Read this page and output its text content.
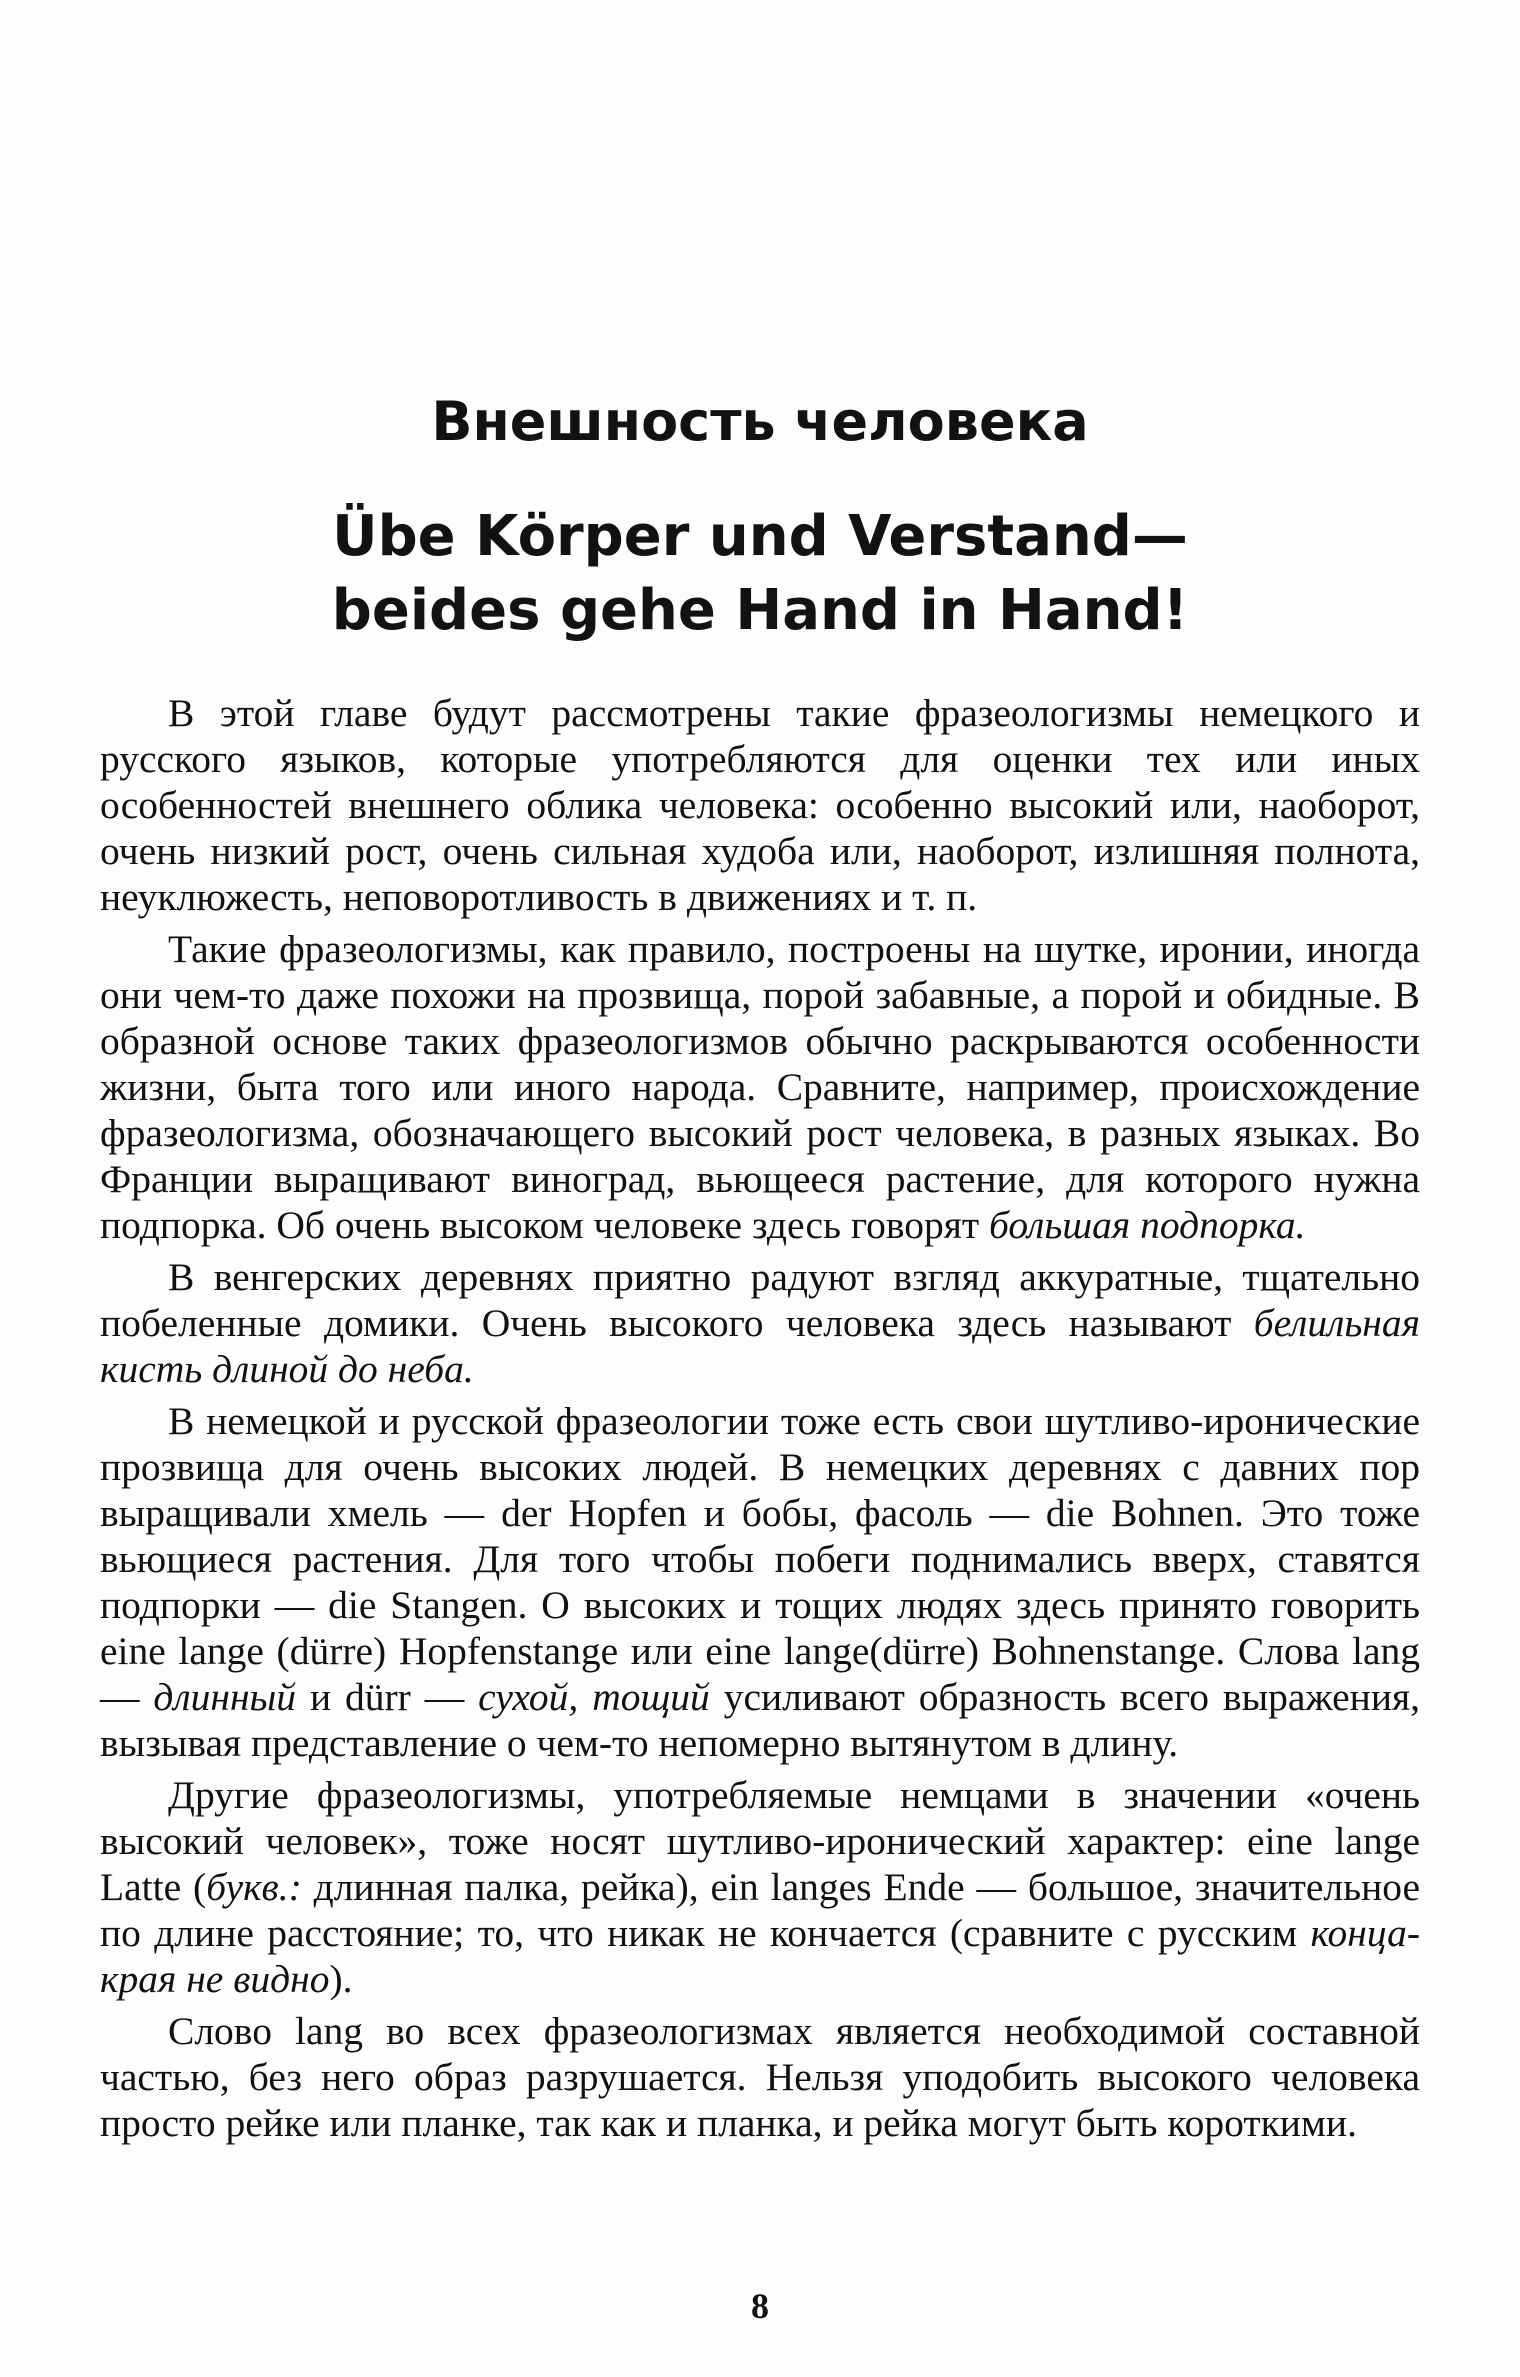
Внешность человека
Übe Körper und Verstand—
beides gehe Hand in Hand!

В этой главе будут рассмотрены такие фразеологизмы немецкого и русского языков, которые употребляются для оценки тех или иных особенностей внешнего облика человека: особенно высокий или, наоборот, очень низкий рост, очень сильная худоба или, наоборот, излишняя полнота, неуклюжесть, неповоротливость в движениях и т. п.

Такие фразеологизмы, как правило, построены на шутке, иронии, иногда они чем-то даже похожи на прозвища, порой забавные, а порой и обидные. В образной основе таких фразеологизмов обычно раскрываются особенности жизни, быта того или иного народа. Сравните, например, происхождение фразеологизма, обозначающего высокий рост человека, в разных языках. Во Франции выращивают виноград, вьющееся растение, для которого нужна подпорка. Об очень высоком человеке здесь говорят большая подпорка.

В венгерских деревнях приятно радуют взгляд аккуратные, тщательно побеленные домики. Очень высокого человека здесь называют белильная кисть длиной до неба.

В немецкой и русской фразеологии тоже есть свои шутливо-иронические прозвища для очень высоких людей. В немецких деревнях с давних пор выращивали хмель — der Hopfen и бобы, фасоль — die Bohnen. Это тоже вьющиеся растения. Для того чтобы побеги поднимались вверх, ставятся подпорки — die Stangen. О высоких и тощих людях здесь принято говорить eine lange (dürre) Hopfenstange или eine lange(dürre) Bohnenstange. Слова lang — длинный и dürr — сухой, тощий усиливают образность всего выражения, вызывая представление о чем-то непомерно вытянутом в длину.

Другие фразеологизмы, употребляемые немцами в значении «очень высокий человек», тоже носят шутливо-иронический характер: eine lange Latte (букв.: длинная палка, рейка), ein langes Ende — большое, значительное по длине расстояние; то, что никак не кончается (сравните с русским конца-края не видно).

Слово lang во всех фразеологизмах является необходимой составной частью, без него образ разрушается. Нельзя уподобить высокого человека просто рейке или планке, так как и планка, и рейка могут быть короткими.

8
